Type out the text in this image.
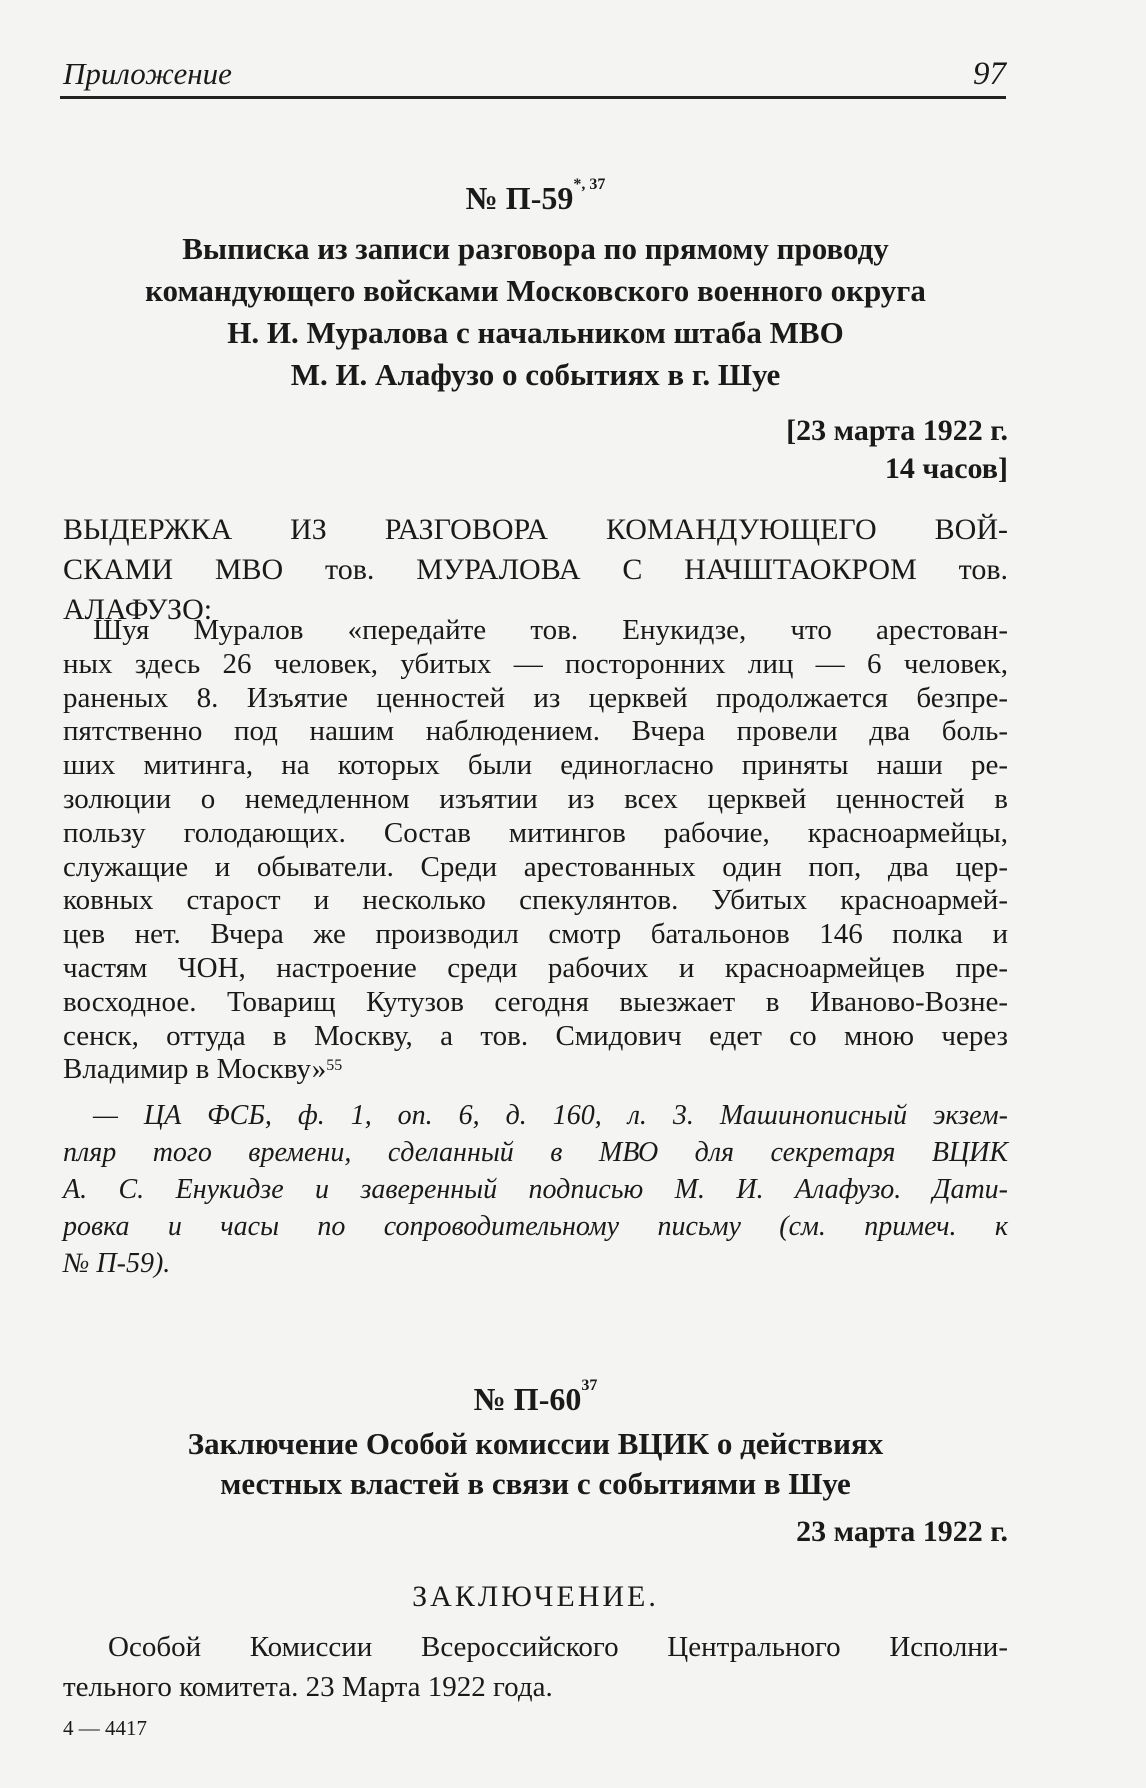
Приложение	97
№ $П-59^{*, 37}$
Выписка из записи разговора по прямому проводу
командующего войсками Московского военного округа
Н. И. Муралова с начальником штаба МВО
М. И. Алафузо о событиях в г. Шуе
[23 марта 1922 г.
14 часов]
ВЫДЕРЖКА ИЗ РАЗГОВОРА КОМАНДУЮЩЕГО ВОЙ-
СКАМИ МВО тов. МУРАЛОВА С НАЧШТАОКРОМ тов.
АЛАФУЗО:
Шуя Муралов «передайте тов. Енукидзе, что арестован-
ных здесь 26 человек, убитых — посторонних лиц — 6 человек,
раненых 8. Изъятие ценностей из церквей продолжается безпре-
пятственно под нашим наблюдением. Вчера провели два боль-
ших митинга, на которых были единогласно приняты наши ре-
золюции о немедленном изъятии из всех церквей ценностей в
пользу голодающих. Состав митингов рабочие, красноармейцы,
служащие и обыватели. Среди арестованных один поп, два цер-
ковных старост и несколько спекулянтов. Убитых красноармей-
цев нет. Вчера же производил смотр батальонов 146 полка и
частям ЧОН, настроение среди рабочих и красноармейцев пре-
восходное. Товарищ Кутузов сегодня выезжает в Иваново-Возне-
сенск, оттуда в Москву, а тов. Смидович едет со мною через
Владимир в Москву»$^{55}$
— ЦА ФСБ, ф. 1, оп. 6, д. 160, л. 3. Машинописный экзем-
пляр того времени, сделанный в МВО для секретаря ВЦИК
А. С. Енукидзе и заверенный подписью М. И. Алафузо. Дати-
ровка и часы по сопроводительному письму (см. примеч. к
№ П-59).
№ $П-60^{37}$
Заключение Особой комиссии ВЦИК о действиях
местных властей в связи с событиями в Шуе
23 марта 1922 г.
ЗАКЛЮЧЕНИЕ.
Особой Комиссии Всероссийского Центрального Исполни-
тельного комитета. 23 Марта 1922 года.
4 — 4417
